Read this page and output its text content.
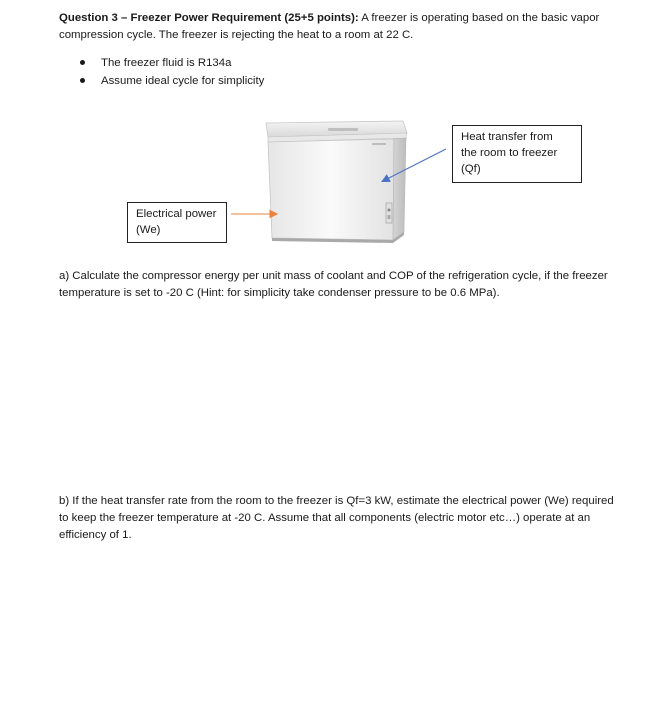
Question 3 – Freezer Power Requirement (25+5 points): A freezer is operating based on the basic vapor compression cycle. The freezer is rejecting the heat to a room at 22 C.
The freezer fluid is R134a
Assume ideal cycle for simplicity
Heat transfer from
the room to freezer
(Qf)
Electrical power
(We)
a) Calculate the compressor energy per unit mass of coolant and COP of the refrigeration cycle, if the freezer temperature is set to -20 C (Hint: for simplicity take condenser pressure to be 0.6 MPa).
b) If the heat transfer rate from the room to the freezer is Qf=3 kW, estimate the electrical power (We) required to keep the freezer temperature at -20 C. Assume that all components (electric motor etc…) operate at an efficiency of 1.
